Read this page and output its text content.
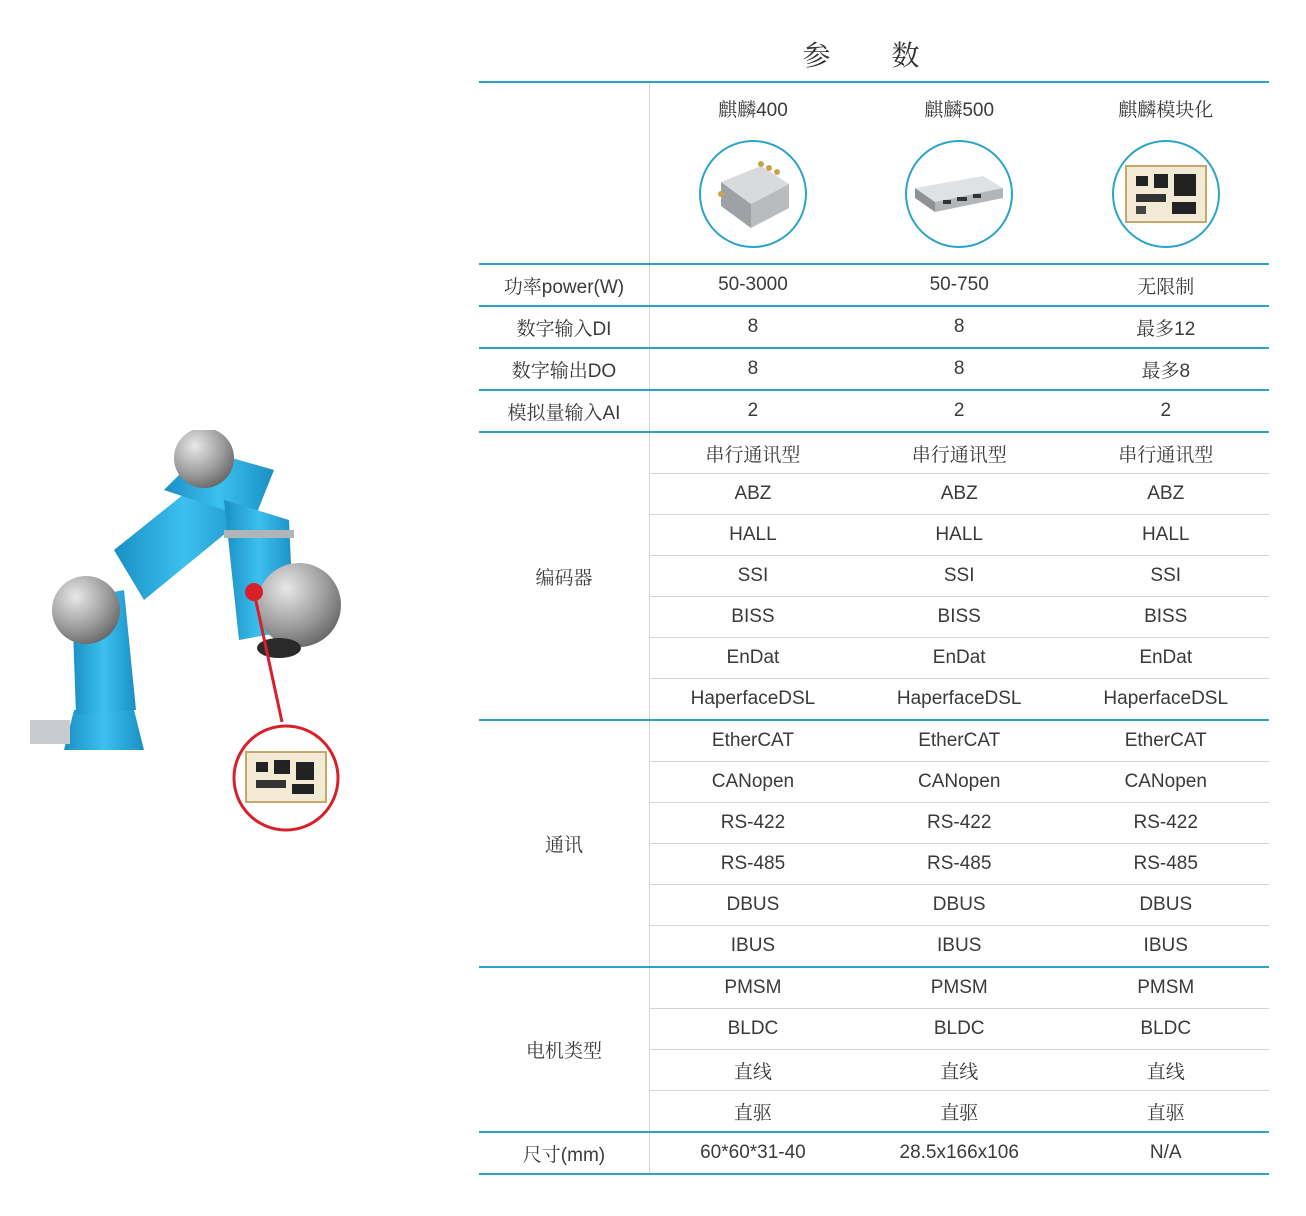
参 数

	麒麟400	麒麟500	麒麟模块化

功率power(W)	50-3000	50-750	无限制
数字输入DI	8	8	最多12
数字输出DO	8	8	最多8
模拟量输入AI	2	2	2
编码器	串行通讯型	串行通讯型	串行通讯型
	ABZ	ABZ	ABZ
	HALL	HALL	HALL
	SSI	SSI	SSI
	BISS	BISS	BISS
	EnDat	EnDat	EnDat
	HaperfaceDSL	HaperfaceDSL	HaperfaceDSL
通讯	EtherCAT	EtherCAT	EtherCAT
	CANopen	CANopen	CANopen
	RS-422	RS-422	RS-422
	RS-485	RS-485	RS-485
	DBUS	DBUS	DBUS
	IBUS	IBUS	IBUS
电机类型	PMSM	PMSM	PMSM
	BLDC	BLDC	BLDC
	直线	直线	直线
	直驱	直驱	直驱
尺寸(mm)	60*60*31-40	28.5x166x106	N/A
